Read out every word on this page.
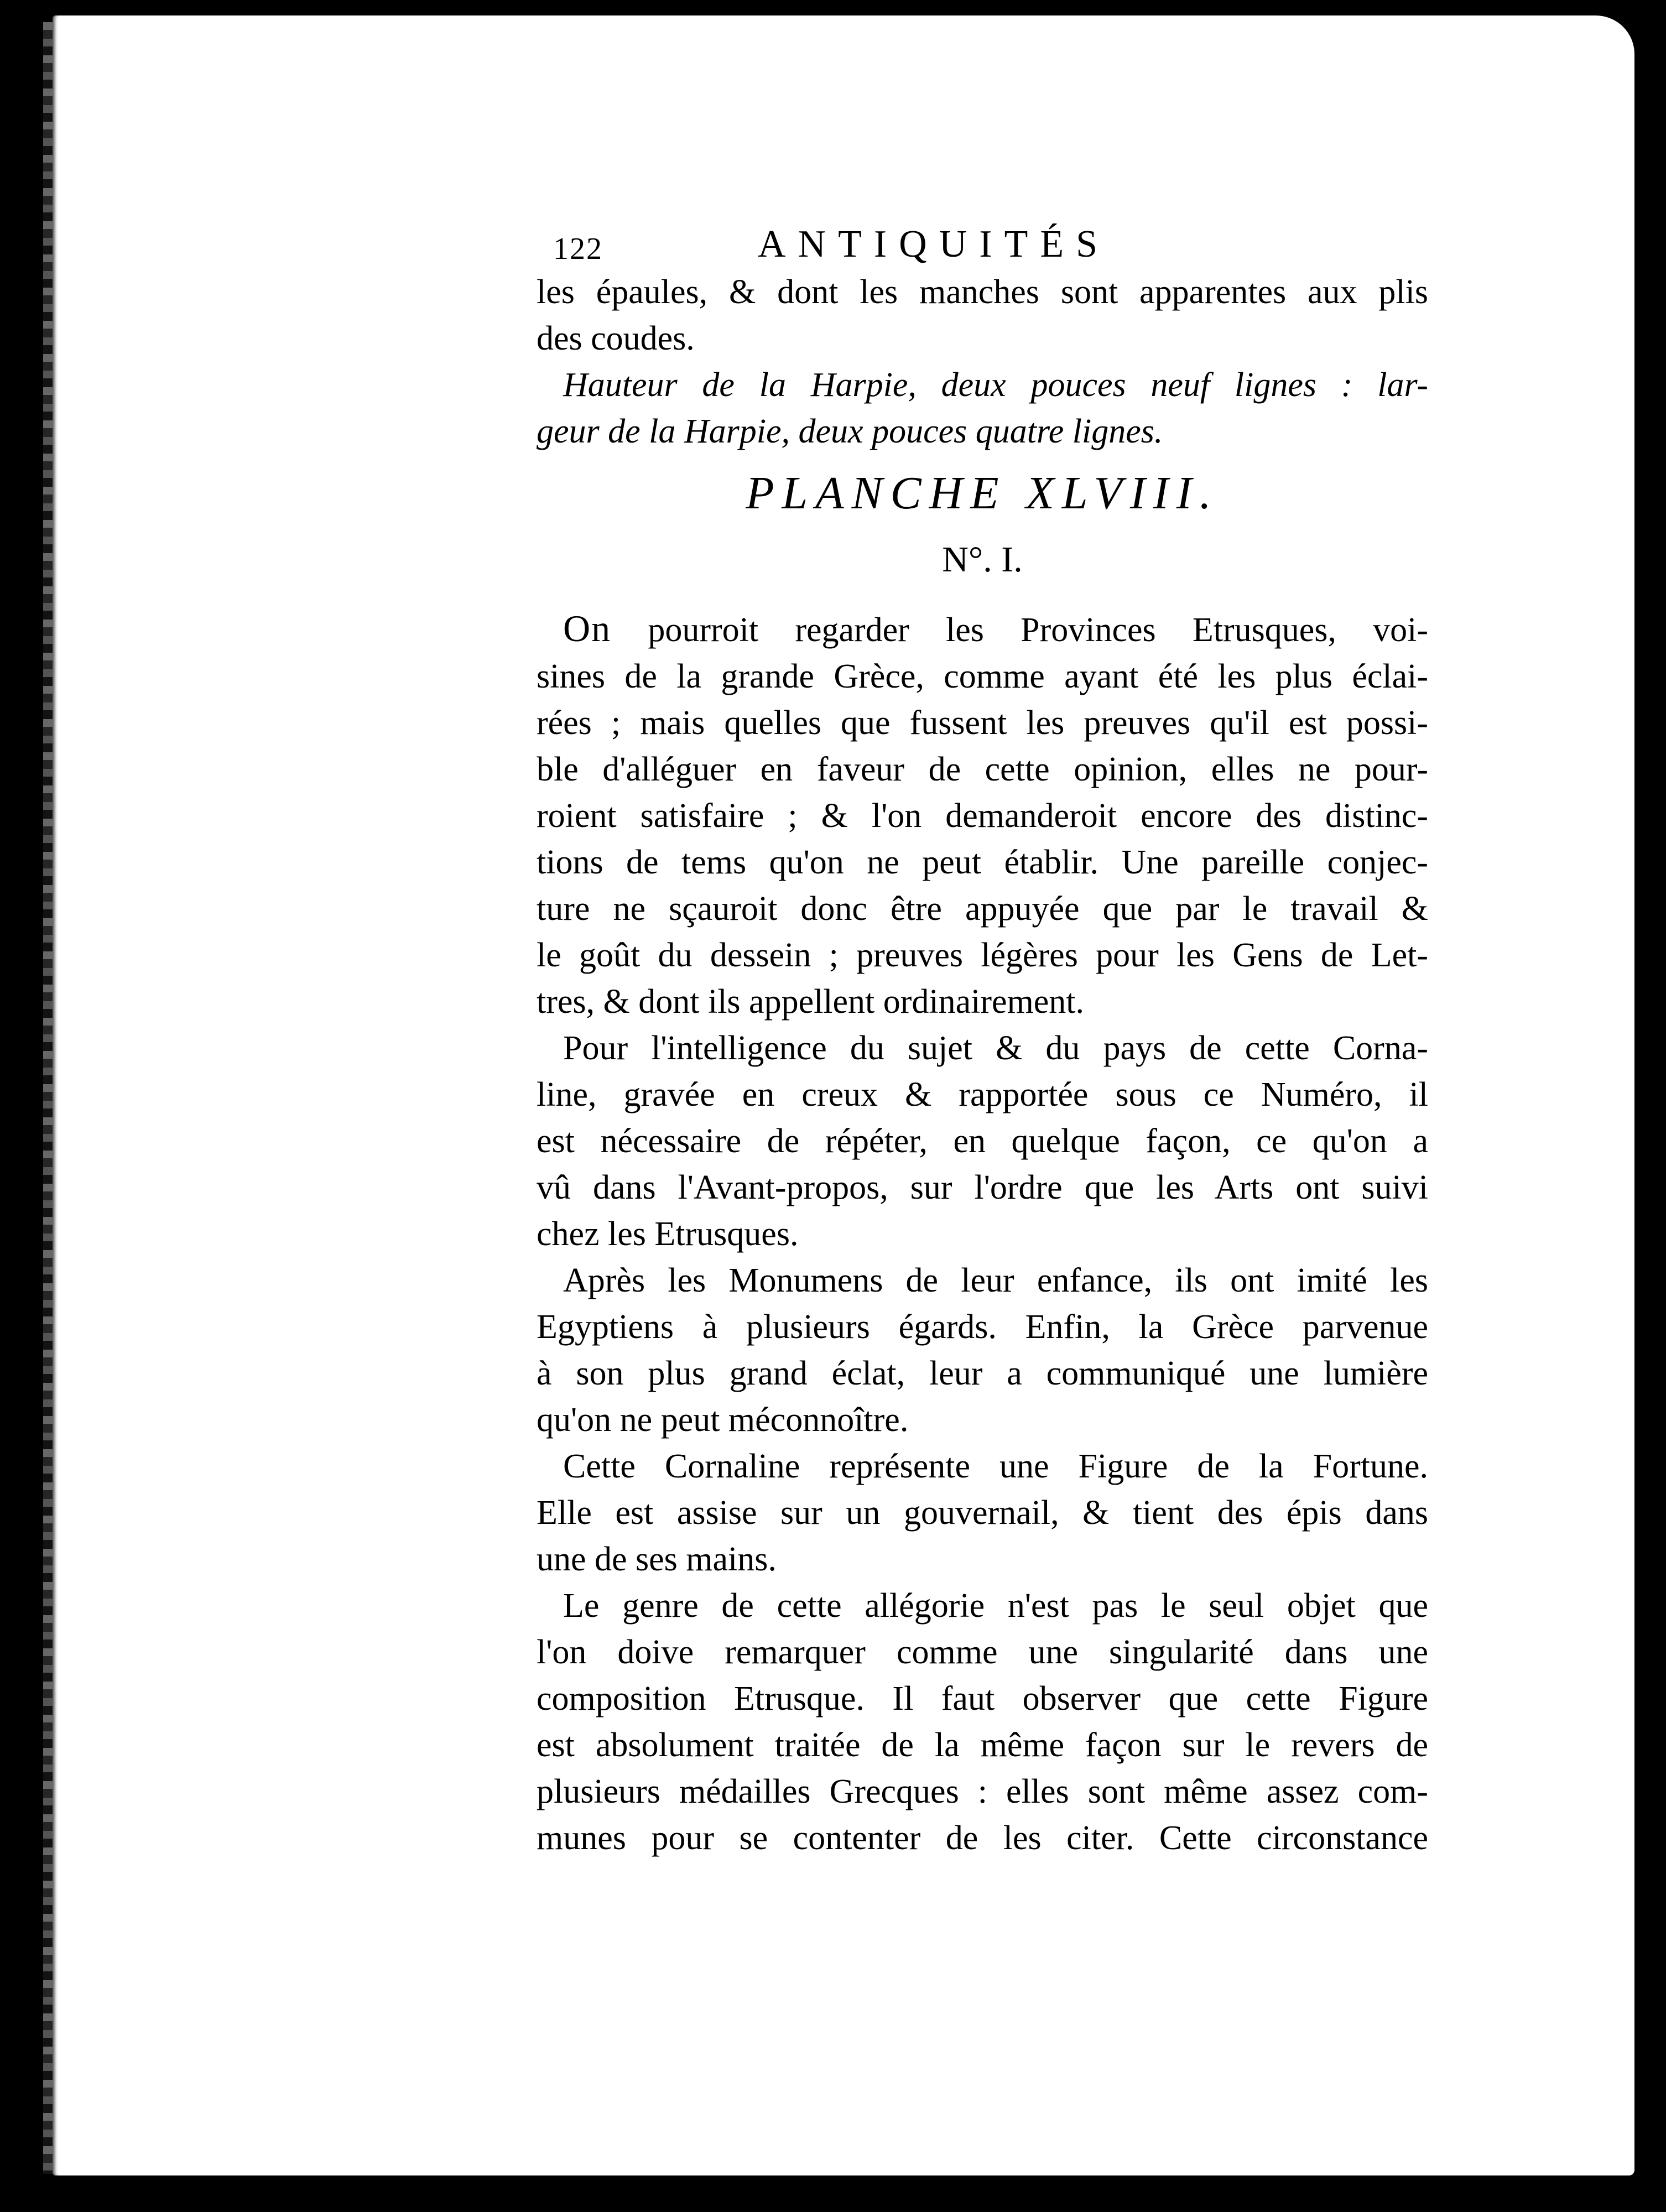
122	ANTIQUITÉS
les épaules, & dont les manches sont apparentes aux plis
des coudes.
Hauteur de la Harpie, deux pouces neuf lignes : lar-
geur de la Harpie, deux pouces quatre lignes.
PLANCHE XLVIII.
N°. I.
On pourroit regarder les Provinces Etrusques, voi-
sines de la grande Grèce, comme ayant été les plus éclai-
rées ; mais quelles que fussent les preuves qu'il est possi-
ble d'alléguer en faveur de cette opinion, elles ne pour-
roient satisfaire ; & l'on demanderoit encore des distinc-
tions de tems qu'on ne peut établir. Une pareille conjec-
ture ne sçauroit donc être appuyée que par le travail &
le goût du dessein ; preuves légères pour les Gens de Let-
tres, & dont ils appellent ordinairement.
Pour l'intelligence du sujet & du pays de cette Corna-
line, gravée en creux & rapportée sous ce Numéro, il
est nécessaire de répéter, en quelque façon, ce qu'on a
vû dans l'Avant-propos, sur l'ordre que les Arts ont suivi
chez les Etrusques.
Après les Monumens de leur enfance, ils ont imité les
Egyptiens à plusieurs égards. Enfin, la Grèce parvenue
à son plus grand éclat, leur a communiqué une lumière
qu'on ne peut méconnoître.
Cette Cornaline représente une Figure de la Fortune.
Elle est assise sur un gouvernail, & tient des épis dans
une de ses mains.
Le genre de cette allégorie n'est pas le seul objet que
l'on doive remarquer comme une singularité dans une
composition Etrusque. Il faut observer que cette Figure
est absolument traitée de la même façon sur le revers de
plusieurs médailles Grecques : elles sont même assez com-
munes pour se contenter de les citer. Cette circonstance
